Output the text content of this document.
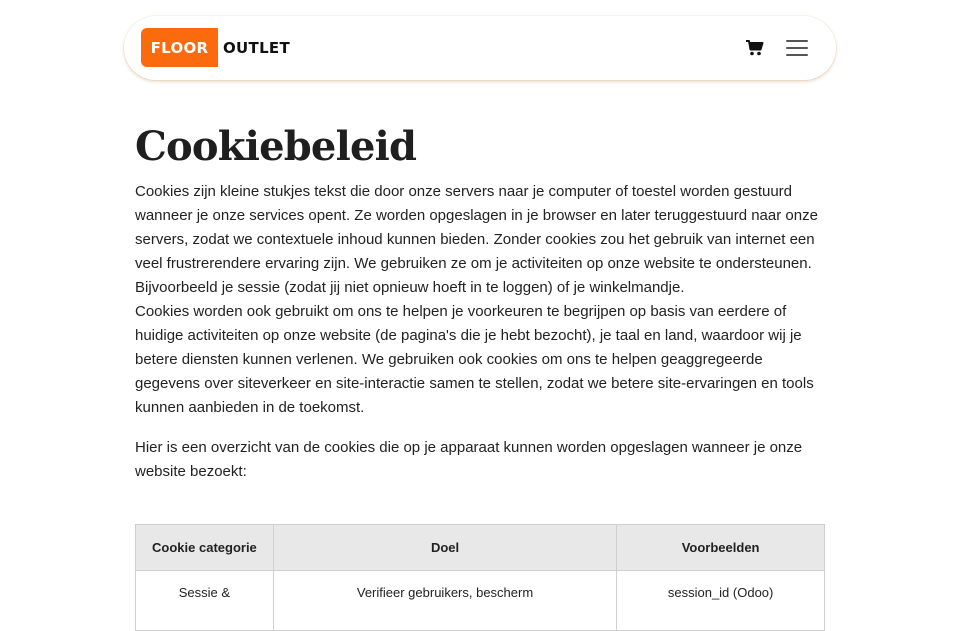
FLOOR OUTLET
Cookiebeleid

Cookies zijn kleine stukjes tekst die door onze servers naar je computer of toestel worden gestuurd wanneer je onze services opent. Ze worden opgeslagen in je browser en later teruggestuurd naar onze servers, zodat we contextuele inhoud kunnen bieden. Zonder cookies zou het gebruik van internet een veel frustrerendere ervaring zijn. We gebruiken ze om je activiteiten op onze website te ondersteunen. Bijvoorbeeld je sessie (zodat jij niet opnieuw hoeft in te loggen) of je winkelmandje.

Cookies worden ook gebruikt om ons te helpen je voorkeuren te begrijpen op basis van eerdere of huidige activiteiten op onze website (de pagina's die je hebt bezocht), je taal en land, waardoor wij je betere diensten kunnen verlenen. We gebruiken ook cookies om ons te helpen geaggregeerde gegevens over siteverkeer en site-interactie samen te stellen, zodat we betere site-ervaringen en tools kunnen aanbieden in de toekomst.

Hier is een overzicht van de cookies die op je apparaat kunnen worden opgeslagen wanneer je onze website bezoekt:

Cookie categorie	Doel	Voorbeelden
Sessie &	Verifieer gebruikers, bescherm	session_id (Odoo)
